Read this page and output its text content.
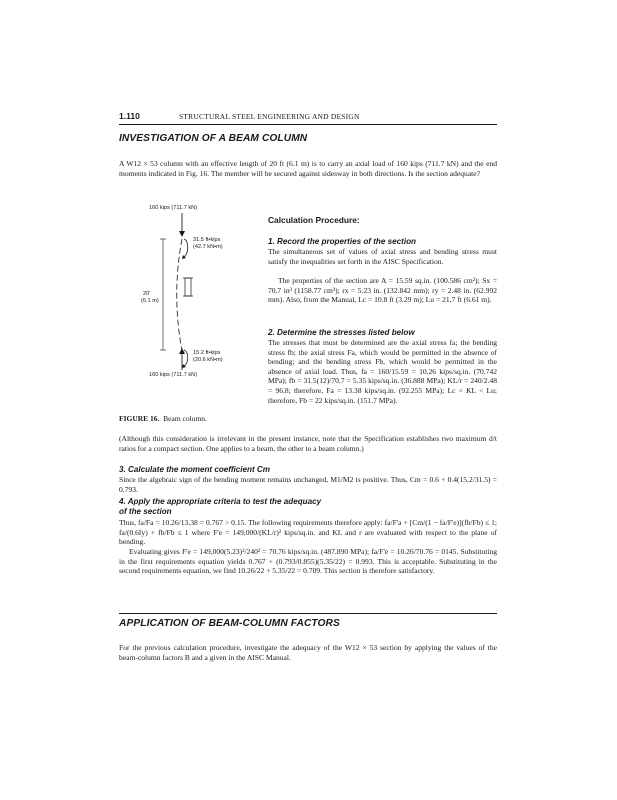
1.110	STRUCTURAL STEEL ENGINEERING AND DESIGN
INVESTIGATION OF A BEAM COLUMN

A W12 × 53 column with an effective length of 20 ft (6.1 m) is to carry an axial load of 160 kips (711.7 kN) and the end moments indicated in Fig. 16. The member will be secured against sidesway in both directions. Is the section adequate?

160 kips (711.7 kN)
31.5 ft•kips
(42.7 kN•m)
20'
(6.1 m)
15.2 ft•kips
(20.6 kN•m)
160 kips (711.7 kN)
FIGURE 16. Beam column.
Calculation Procedure:
1. Record the properties of the section

The simultaneous set of values of axial stress and bending stress must satisfy the inequalities set forth in the AISC Specification.

The properties of the section are A = 15.59 sq.in. (100.586 cm²); Sx = 70.7 in³ (1158.77 cm³); rx = 5.23 in. (132.842 mm); ry = 2.48 in. (62.992 mm). Also, from the Manual, Lc = 10.8 ft (3.29 m); Lu = 21.7 ft (6.61 m).

2. Determine the stresses listed below

The stresses that must be determined are the axial stress fa; the bending stress fb; the axial stress Fa, which would be permitted in the absence of bending; and the bending stress Fb, which would be permitted in the absence of axial load. Thus, fa = 160/15.59 = 10.26 kips/sq.in. (70.742 MPa); fb = 31.5(12)/70.7 = 5.35 kips/sq.in. (36.888 MPa); KL/r = 240/2.48 = 96.8; therefore, Fa = 13.38 kips/sq.in. (92.255 MPa); Lc < KL < Lu; therefore, Fb = 22 kips/sq.in. (151.7 MPa).

(Although this consideration is irrelevant in the present instance, note that the Specification establishes two maximum d/t ratios for a compact section. One applies to a beam, the other to a beam column.)

3. Calculate the moment coefficient Cm

Since the algebraic sign of the bending moment remains unchanged, M1/M2 is positive. Thus, Cm = 0.6 + 0.4(15.2/31.5) = 0.793.

4. Apply the appropriate criteria to test the adequacy
of the section

Thus, fa/Fa = 10.26/13.38 = 0.767 > 0.15. The following requirements therefore apply: fa/F'a + [Cm/(1 − fa/F'e)](fb/Fb) ≤ 1; fa/(0.6fy) + fb/Fb ≤ 1 where F'e = 149,000/(KL/r)² kips/sq.in. and KL and r are evaluated with respect to the plane of bending.

Evaluating gives F'e = 149,000(5.23)²/240² = 70.76 kips/sq.in. (487.890 MPa); fa/F'e = 10.26/70.76 = 0145. Substituting in the first requirements equation yields 0.767 + (0.793/0.855)(5.35/22) = 0.993. This is acceptable. Substituting in the second requirements equation, we find 10.26/22 + 5.35/22 = 0.709. This section is therefore satisfactory.

APPLICATION OF BEAM-COLUMN FACTORS

For the previous calculation procedure, investigate the adequacy of the W12 × 53 section by applying the values of the beam-column factors B and a given in the AISC Manual.
